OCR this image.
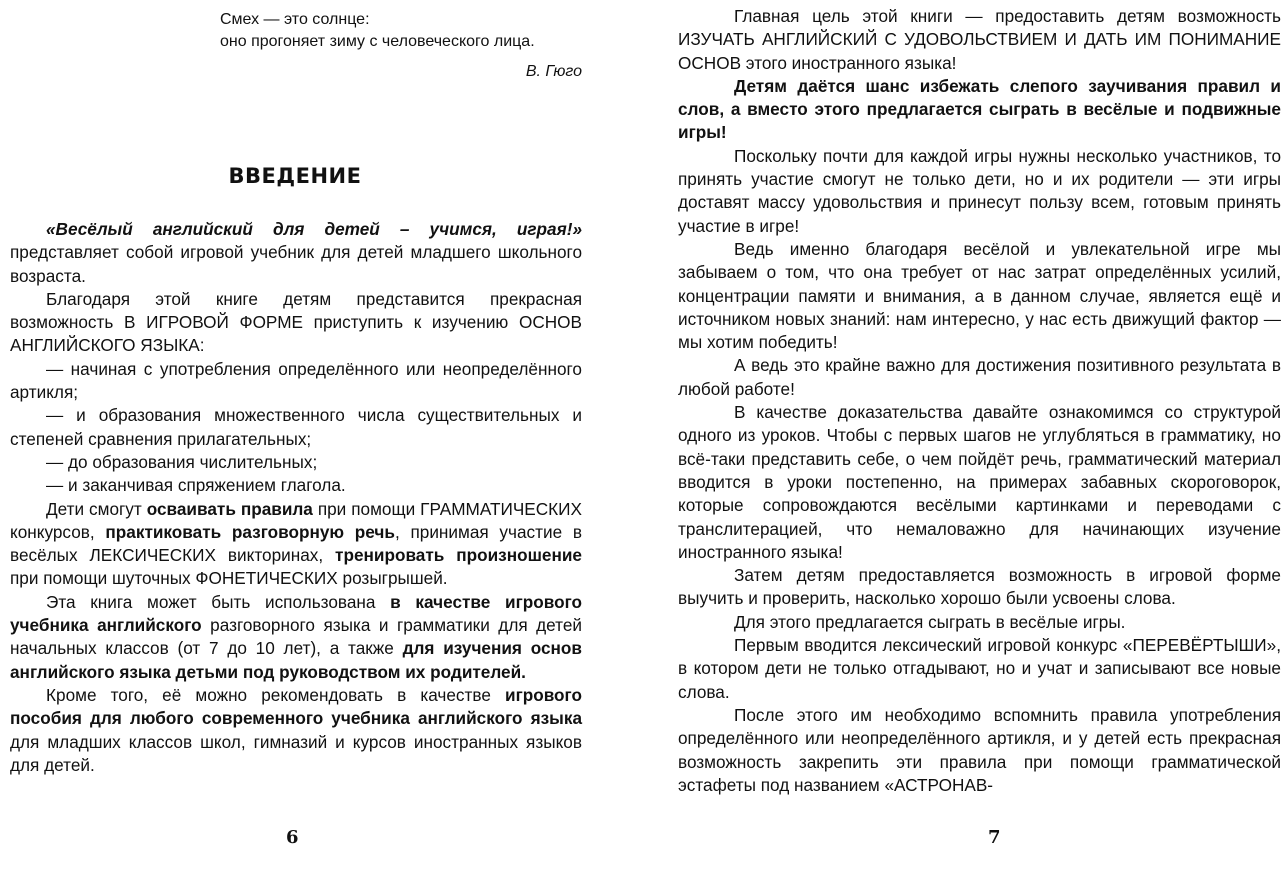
Смех — это солнце:
оно прогоняет зиму с человеческого лица.
В. Гюго
ВВЕДЕНИЕ

«Весёлый английский для детей – учимся, играя!» представляет собой игровой учебник для детей младшего школьного возраста.

Благодаря этой книге детям представится прекрасная возможность В ИГРОВОЙ ФОРМЕ приступить к изучению ОСНОВ АНГЛИЙСКОГО ЯЗЫКА:

— начиная с употребления определённого или неопределённого артикля;

— и образования множественного числа существительных и степеней сравнения прилагательных;

— до образования числительных;

— и заканчивая спряжением глагола.

Дети смогут осваивать правила при помощи ГРАММАТИЧЕСКИХ конкурсов, практиковать разговорную речь, принимая участие в весёлых ЛЕКСИЧЕСКИХ викторинах, тренировать произношение при помощи шуточных ФОНЕТИЧЕСКИХ розыгрышей.

Эта книга может быть использована в качестве игрового учебника английского разговорного языка и грамматики для детей начальных классов (от 7 до 10 лет), а также для изучения основ английского языка детьми под руководством их родителей.

Кроме того, её можно рекомендовать в качестве игрового пособия для любого современного учебника английского языка для младших классов школ, гимназий и курсов иностранных языков для детей.

6

Главная цель этой книги — предоставить детям возможность ИЗУЧАТЬ АНГЛИЙСКИЙ С УДОВОЛЬСТВИЕМ И ДАТЬ ИМ ПОНИМАНИЕ ОСНОВ этого иностранного языка!

Детям даётся шанс избежать слепого заучивания правил и слов, а вместо этого предлагается сыграть в весёлые и подвижные игры!

Поскольку почти для каждой игры нужны несколько участников, то принять участие смогут не только дети, но и их родители — эти игры доставят массу удовольствия и принесут пользу всем, готовым принять участие в игре!

Ведь именно благодаря весёлой и увлекательной игре мы забываем о том, что она требует от нас затрат определённых усилий, концентрации памяти и внимания, а в данном случае, является ещё и источником новых знаний: нам интересно, у нас есть движущий фактор — мы хотим победить!

А ведь это крайне важно для достижения позитивного результата в любой работе!

В качестве доказательства давайте ознакомимся со структурой одного из уроков. Чтобы с первых шагов не углубляться в грамматику, но всё-таки представить себе, о чем пойдёт речь, грамматический материал вводится в уроки постепенно, на примерах забавных скороговорок, которые сопровождаются весёлыми картинками и переводами с транслитерацией, что немаловажно для начинающих изучение иностранного языка!

Затем детям предоставляется возможность в игровой форме выучить и проверить, насколько хорошо были усвоены слова.

Для этого предлагается сыграть в весёлые игры.

Первым вводится лексический игровой конкурс «ПЕРЕВЁРТЫШИ», в котором дети не только отгадывают, но и учат и записывают все новые слова.

После этого им необходимо вспомнить правила употребления определённого или неопределённого артикля, и у детей есть прекрасная возможность закрепить эти правила при помощи грамматической эстафеты под названием «АСТРОНАВ-

7
